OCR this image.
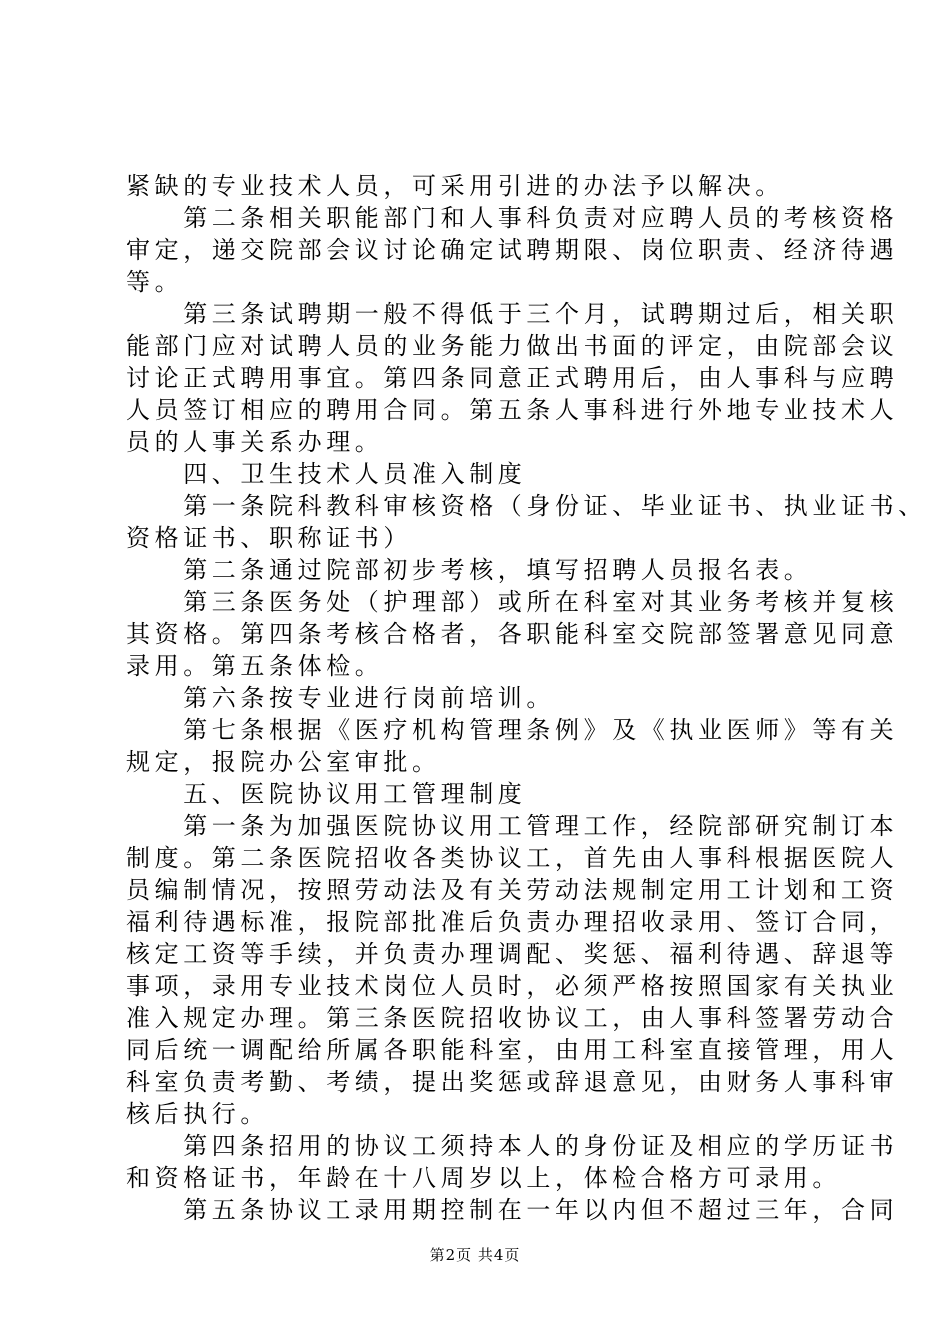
紧缺的专业技术人员，可采用引进的办法予以解决。
　　第二条相关职能部门和人事科负责对应聘人员的考核资格
审定，递交院部会议讨论确定试聘期限、岗位职责、经济待遇
等。
　　第三条试聘期一般不得低于三个月，试聘期过后，相关职
能部门应对试聘人员的业务能力做出书面的评定，由院部会议
讨论正式聘用事宜。第四条同意正式聘用后，由人事科与应聘
人员签订相应的聘用合同。第五条人事科进行外地专业技术人
员的人事关系办理。
　　四、卫生技术人员准入制度
　　第一条院科教科审核资格（身份证、毕业证书、执业证书、
资格证书、职称证书）
　　第二条通过院部初步考核，填写招聘人员报名表。
　　第三条医务处（护理部）或所在科室对其业务考核并复核
其资格。第四条考核合格者，各职能科室交院部签署意见同意
录用。第五条体检。
　　第六条按专业进行岗前培训。
　　第七条根据《医疗机构管理条例》及《执业医师》等有关
规定，报院办公室审批。
　　五、医院协议用工管理制度
　　第一条为加强医院协议用工管理工作，经院部研究制订本
制度。第二条医院招收各类协议工，首先由人事科根据医院人
员编制情况，按照劳动法及有关劳动法规制定用工计划和工资
福利待遇标准，报院部批准后负责办理招收录用、签订合同，
核定工资等手续，并负责办理调配、奖惩、福利待遇、辞退等
事项，录用专业技术岗位人员时，必须严格按照国家有关执业
准入规定办理。第三条医院招收协议工，由人事科签署劳动合
同后统一调配给所属各职能科室，由用工科室直接管理，用人
科室负责考勤、考绩，提出奖惩或辞退意见，由财务人事科审
核后执行。
　　第四条招用的协议工须持本人的身份证及相应的学历证书
和资格证书，年龄在十八周岁以上，体检合格方可录用。
　　第五条协议工录用期控制在一年以内但不超过三年，合同
第2页 共4页
